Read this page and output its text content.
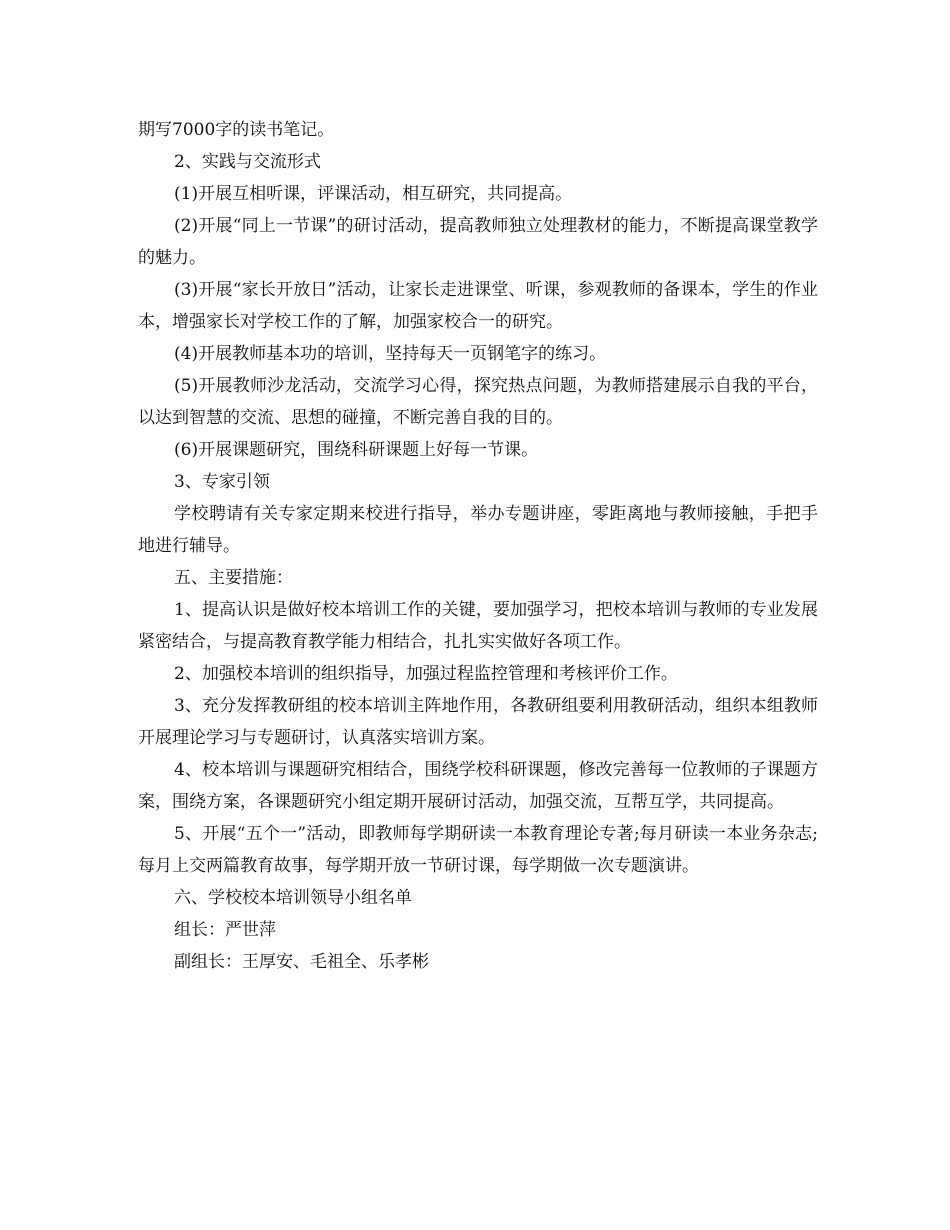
期写7000字的读书笔记。

2、实践与交流形式

(1)开展互相听课，评课活动，相互研究，共同提高。

(2)开展“同上一节课”的研讨活动，提高教师独立处理教材的能力，不断提高课堂教学的魅力。

(3)开展“家长开放日”活动，让家长走进课堂、听课，参观教师的备课本，学生的作业本，增强家长对学校工作的了解，加强家校合一的研究。

(4)开展教师基本功的培训，坚持每天一页钢笔字的练习。

(5)开展教师沙龙活动，交流学习心得，探究热点问题，为教师搭建展示自我的平台，以达到智慧的交流、思想的碰撞，不断完善自我的目的。

(6)开展课题研究，围绕科研课题上好每一节课。

3、专家引领

学校聘请有关专家定期来校进行指导，举办专题讲座，零距离地与教师接触，手把手地进行辅导。

五、主要措施：

1、提高认识是做好校本培训工作的关键，要加强学习，把校本培训与教师的专业发展紧密结合，与提高教育教学能力相结合，扎扎实实做好各项工作。

2、加强校本培训的组织指导，加强过程监控管理和考核评价工作。

3、充分发挥教研组的校本培训主阵地作用，各教研组要利用教研活动，组织本组教师开展理论学习与专题研讨，认真落实培训方案。

4、校本培训与课题研究相结合，围绕学校科研课题，修改完善每一位教师的子课题方案，围绕方案，各课题研究小组定期开展研讨活动，加强交流，互帮互学，共同提高。

5、开展“五个一”活动，即教师每学期研读一本教育理论专著;每月研读一本业务杂志;每月上交两篇教育故事，每学期开放一节研讨课，每学期做一次专题演讲。

六、学校校本培训领导小组名单

组长：严世萍

副组长：王厚安、毛祖全、乐孝彬
